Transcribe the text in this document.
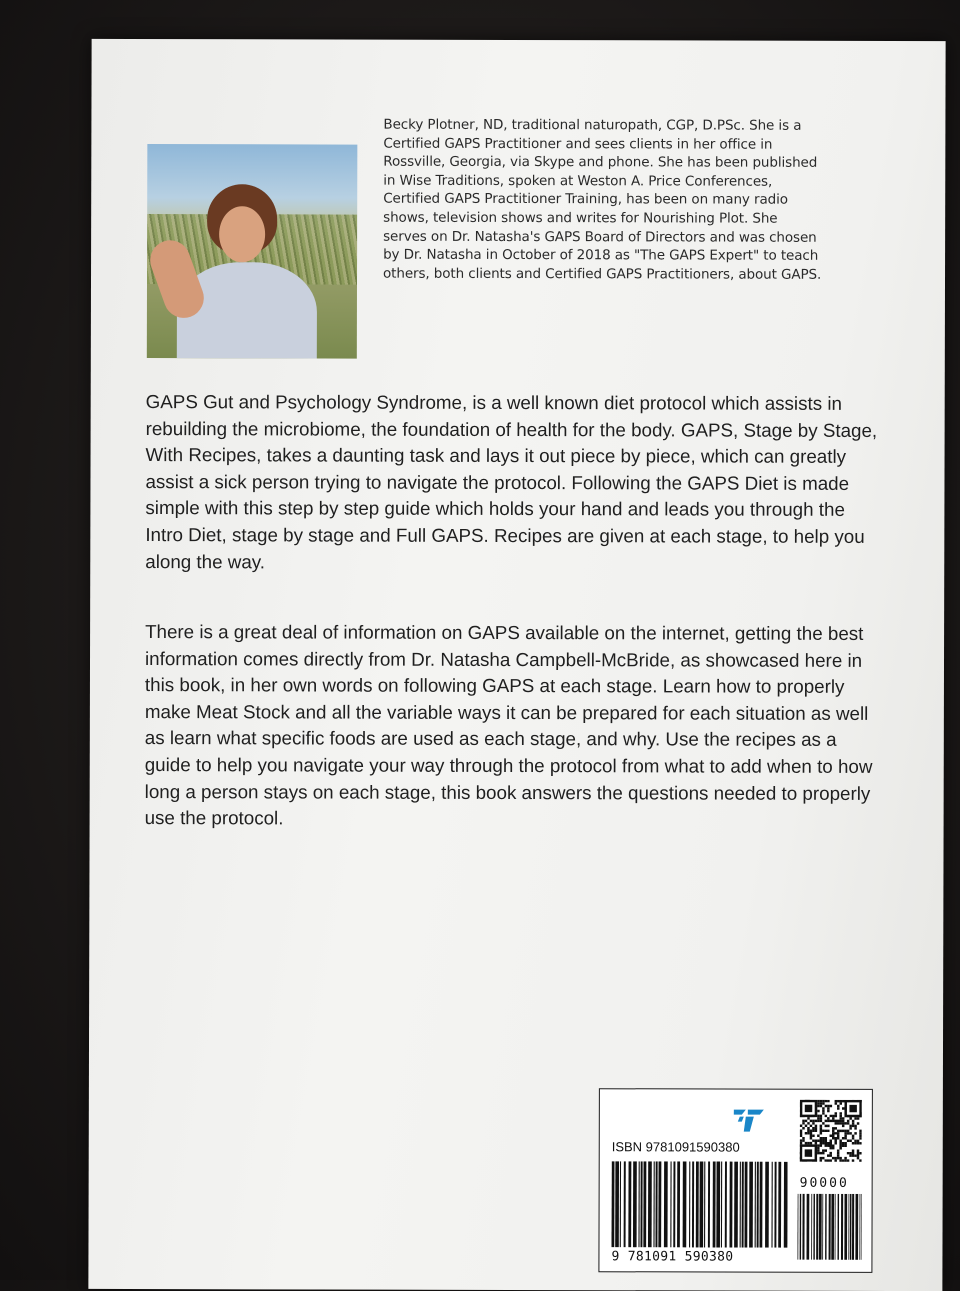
Becky Plotner, ND, traditional naturopath, CGP, D.PSc. She is a Certified GAPS Practitioner and sees clients in her office in Rossville, Georgia, via Skype and phone. She has been published in Wise Traditions, spoken at Weston A. Price Conferences, Certified GAPS Practitioner Training, has been on many radio shows, television shows and writes for Nourishing Plot. She serves on Dr. Natasha's GAPS Board of Directors and was chosen by Dr. Natasha in October of 2018 as "The GAPS Expert" to teach others, both clients and Certified GAPS Practitioners, about GAPS.

GAPS Gut and Psychology Syndrome, is a well known diet protocol which assists in rebuilding the microbiome, the foundation of health for the body. GAPS, Stage by Stage, With Recipes, takes a daunting task and lays it out piece by piece, which can greatly assist a sick person trying to navigate the protocol. Following the GAPS Diet is made simple with this step by step guide which holds your hand and leads you through the Intro Diet, stage by stage and Full GAPS. Recipes are given at each stage, to help you along the way.

There is a great deal of information on GAPS available on the internet, getting the best information comes directly from Dr. Natasha Campbell-McBride, as showcased here in this book, in her own words on following GAPS at each stage. Learn how to properly make Meat Stock and all the variable ways it can be prepared for each situation as well as learn what specific foods are used as each stage, and why. Use the recipes as a guide to help you navigate your way through the protocol from what to add when to how long a person stays on each stage, this book answers the questions needed to properly use the protocol.

ISBN 9781091590380

90000

9 781091 590380
